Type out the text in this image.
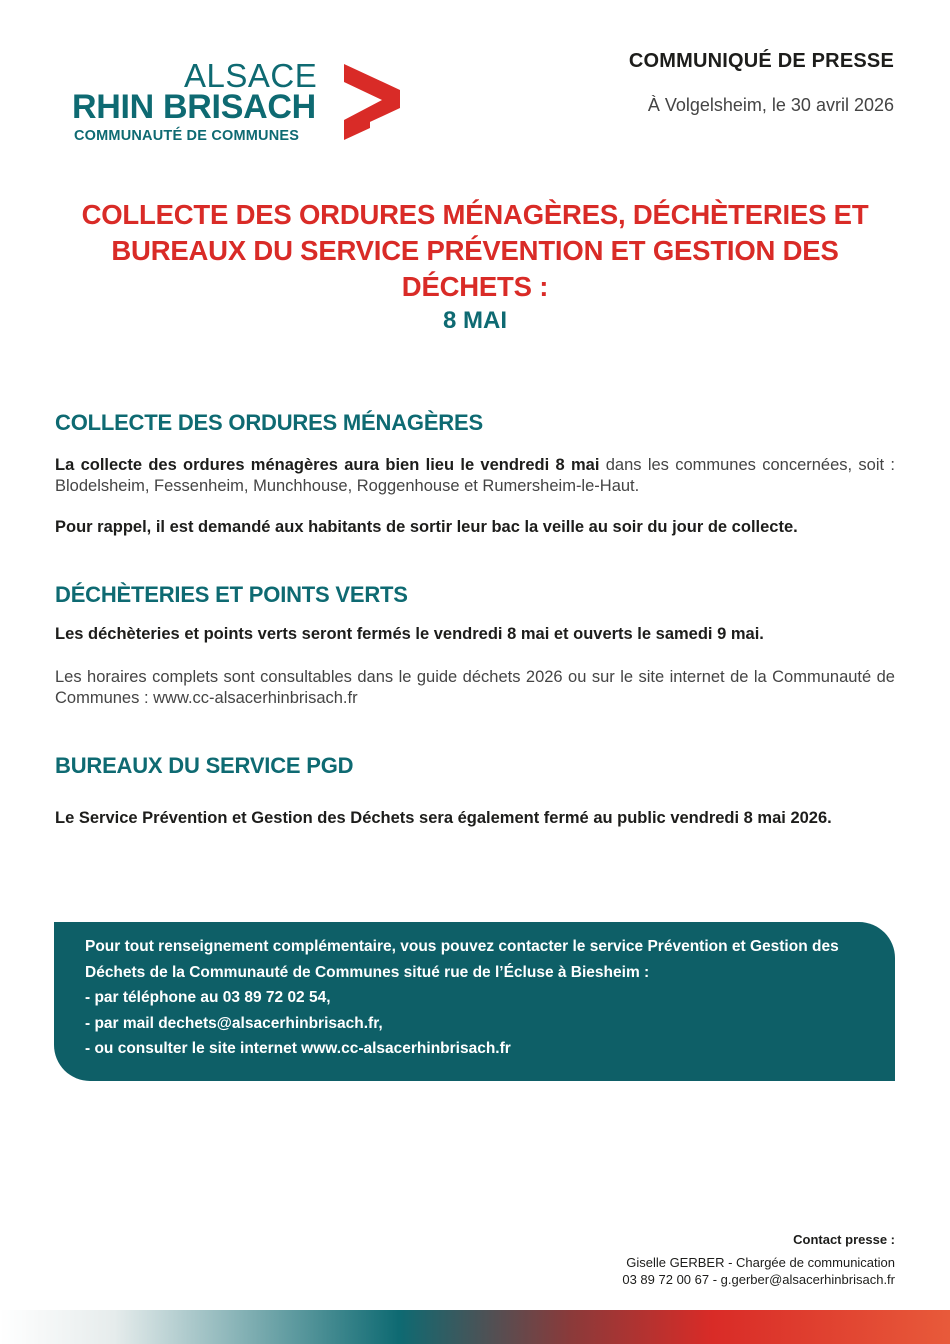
ALSACE
RHIN BRISACH
COMMUNAUTÉ DE COMMUNES
COMMUNIQUÉ DE PRESSE
À Volgelsheim, le 30 avril 2026
COLLECTE DES ORDURES MÉNAGÈRES, DÉCHÈTERIES ET
BUREAUX DU SERVICE PRÉVENTION ET GESTION DES
DÉCHETS :
8 MAI
COLLECTE DES ORDURES MÉNAGÈRES

La collecte des ordures ménagères aura bien lieu le vendredi 8 mai dans les communes concernées, soit : Blodelsheim, Fessenheim, Munchhouse, Roggenhouse et Rumersheim-le-Haut.

Pour rappel, il est demandé aux habitants de sortir leur bac la veille au soir du jour de collecte.

DÉCHÈTERIES ET POINTS VERTS

Les déchèteries et points verts seront fermés le vendredi 8 mai et ouverts le samedi 9 mai.

Les horaires complets sont consultables dans le guide déchets 2026 ou sur le site internet de la Communauté de Communes : www.cc-alsacerhinbrisach.fr

BUREAUX DU SERVICE PGD

Le Service Prévention et Gestion des Déchets sera également fermé au public vendredi 8 mai 2026.

Pour tout renseignement complémentaire, vous pouvez contacter le service Prévention et Gestion des Déchets de la Communauté de Communes situé rue de l’Écluse à Biesheim :
- par téléphone au 03 89 72 02 54,
- par mail dechets@alsacerhinbrisach.fr,
- ou consulter le site internet www.cc-alsacerhinbrisach.fr
Contact presse :
Giselle GERBER - Chargée de communication
03 89 72 00 67 - g.gerber@alsacerhinbrisach.fr
